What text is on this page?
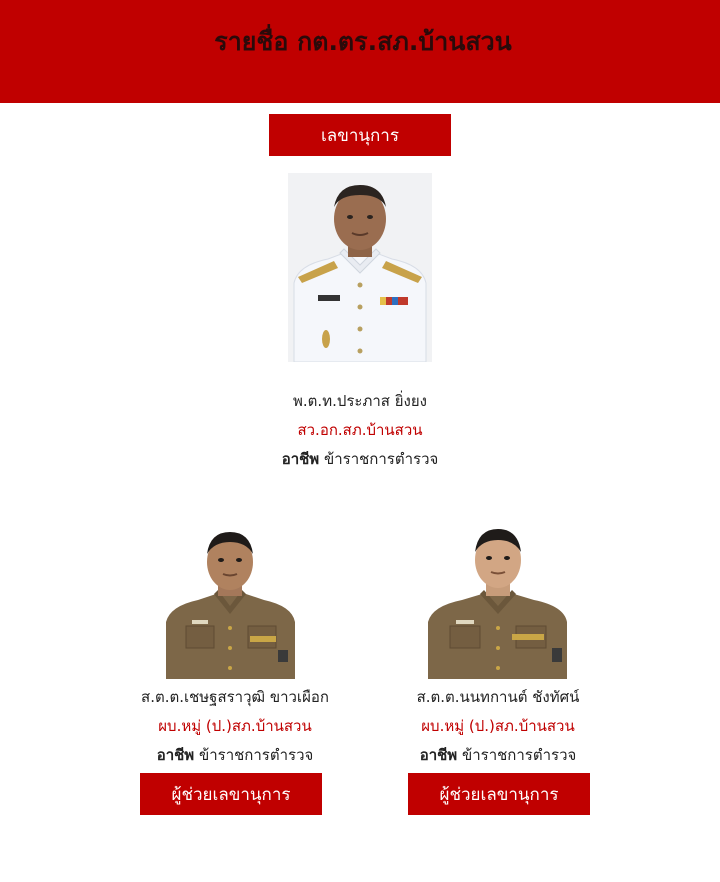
รายชื่อ กต.ตร.สภ.บ้านสวน
เลขานุการ
พ.ต.ท.ประภาส ยิ่งยง
สว.อก.สภ.บ้านสวน
อาชีพ ข้าราชการตำรวจ
ส.ต.ต.เชษฐสราวุฒิ ขาวเผือก
ผบ.หมู่ (ป.)สภ.บ้านสวน
อาชีพ ข้าราชการตำรวจ
ผู้ช่วยเลขานุการ
ส.ต.ต.นนทกานต์ ชังทัศน์
ผบ.หมู่ (ป.)สภ.บ้านสวน
อาชีพ ข้าราชการตำรวจ
ผู้ช่วยเลขานุการ
